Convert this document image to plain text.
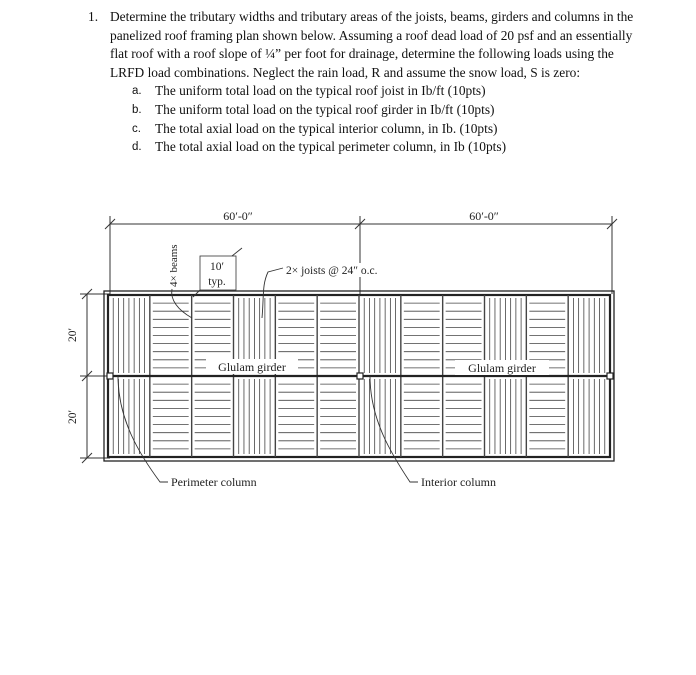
1. Determine the tributary widths and tributary areas of the joists, beams, girders and columns in the panelized roof framing plan shown below. Assuming a roof dead load of 20 psf and an essentially flat roof with a roof slope of ¼” per foot for drainage, determine the following loads using the LRFD load combinations. Neglect the rain load, R and assume the snow load, S is zero:
a. The uniform total load on the typical roof joist in Ib/ft (10pts)
b. The uniform total load on the typical roof girder in Ib/ft (10pts)
c. The total axial load on the typical interior column, in Ib. (10pts)
d. The total axial load on the typical perimeter column, in Ib (10pts)
60′-0″	60′-0″
4× beams	10′
typ.
2× joists @ 24″ o.c.
20′
20′
Glulam girder	Glulam girder
Perimeter column	Interior column
